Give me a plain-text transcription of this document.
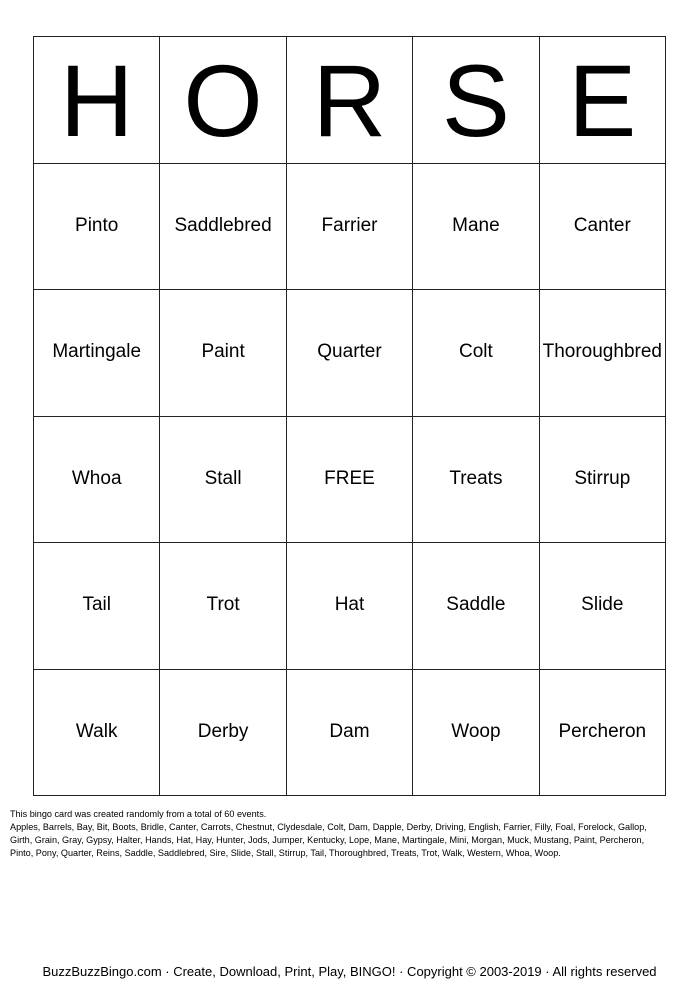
H O R S E
Pinto	Saddlebred	Farrier	Mane	Canter
Martingale	Paint	Quarter	Colt	Thoroughbred
Whoa	Stall	FREE	Treats	Stirrup
Tail	Trot	Hat	Saddle	Slide
Walk	Derby	Dam	Woop	Percheron
This bingo card was created randomly from a total of 60 events.
Apples, Barrels, Bay, Bit, Boots, Bridle, Canter, Carrots, Chestnut, Clydesdale, Colt, Dam, Dapple, Derby, Driving, English, Farrier, Filly, Foal, Forelock, Gallop,
Girth, Grain, Gray, Gypsy, Halter, Hands, Hat, Hay, Hunter, Jods, Jumper, Kentucky, Lope, Mane, Martingale, Mini, Morgan, Muck, Mustang, Paint, Percheron,
Pinto, Pony, Quarter, Reins, Saddle, Saddlebred, Sire, Slide, Stall, Stirrup, Tail, Thoroughbred, Treats, Trot, Walk, Western, Whoa, Woop.
BuzzBuzzBingo.com · Create, Download, Print, Play, BINGO! · Copyright © 2003-2019 · All rights reserved
